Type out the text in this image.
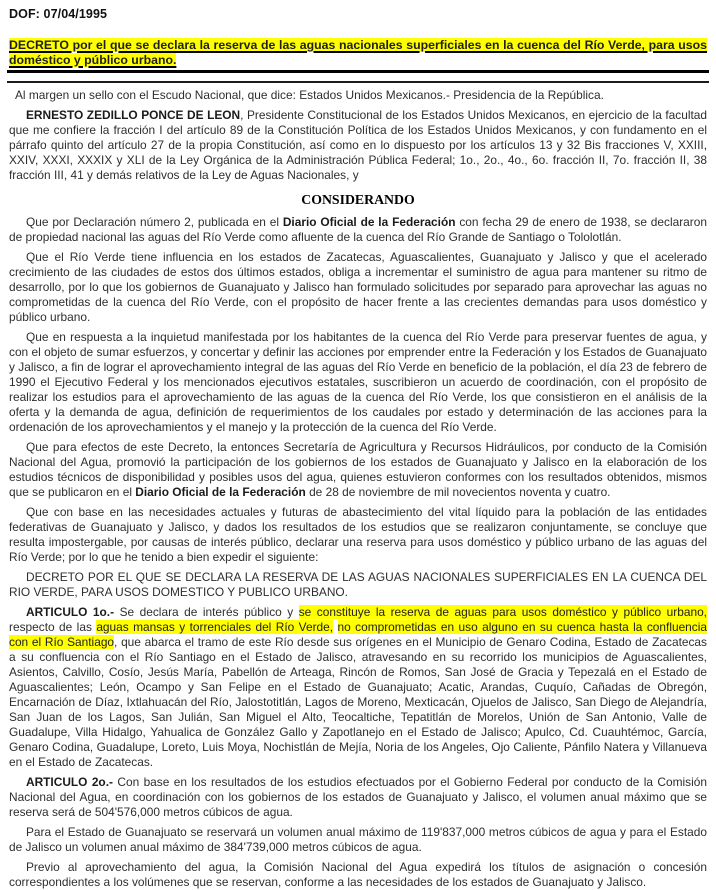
DOF: 07/04/1995
DECRETO por el que se declara la reserva de las aguas nacionales superficiales en la cuenca del Río Verde, para usos doméstico y público urbano.

Al margen un sello con el Escudo Nacional, que dice: Estados Unidos Mexicanos.- Presidencia de la República.

ERNESTO ZEDILLO PONCE DE LEON, Presidente Constitucional de los Estados Unidos Mexicanos, en ejercicio de la facultad que me confiere la fracción I del artículo 89 de la Constitución Política de los Estados Unidos Mexicanos, y con fundamento en el párrafo quinto del artículo 27 de la propia Constitución, así como en lo dispuesto por los artículos 13 y 32 Bis fracciones V, XXIII, XXIV, XXXI, XXXIX y XLI de la Ley Orgánica de la Administración Pública Federal; 1o., 2o., 4o., 6o. fracción II, 7o. fracción II, 38 fracción III, 41 y demás relativos de la Ley de Aguas Nacionales, y

CONSIDERANDO

Que por Declaración número 2, publicada en el Diario Oficial de la Federación con fecha 29 de enero de 1938, se declararon de propiedad nacional las aguas del Río Verde como afluente de la cuenca del Río Grande de Santiago o Tololotlán.

Que el Río Verde tiene influencia en los estados de Zacatecas, Aguascalientes, Guanajuato y Jalisco y que el acelerado crecimiento de las ciudades de estos dos últimos estados, obliga a incrementar el suministro de agua para mantener su ritmo de desarrollo, por lo que los gobiernos de Guanajuato y Jalisco han formulado solicitudes por separado para aprovechar las aguas no comprometidas de la cuenca del Río Verde, con el propósito de hacer frente a las crecientes demandas para usos doméstico y público urbano.

Que en respuesta a la inquietud manifestada por los habitantes de la cuenca del Río Verde para preservar fuentes de agua, y con el objeto de sumar esfuerzos, y concertar y definir las acciones por emprender entre la Federación y los Estados de Guanajuato y Jalisco, a fin de lograr el aprovechamiento integral de las aguas del Río Verde en beneficio de la población, el día 23 de febrero de 1990 el Ejecutivo Federal y los mencionados ejecutivos estatales, suscribieron un acuerdo de coordinación, con el propósito de realizar los estudios para el aprovechamiento de las aguas de la cuenca del Río Verde, los que consistieron en el análisis de la oferta y la demanda de agua, definición de requerimientos de los caudales por estado y determinación de las acciones para la ordenación de los aprovechamientos y el manejo y la protección de la cuenca del Río Verde.

Que para efectos de este Decreto, la entonces Secretaría de Agricultura y Recursos Hidráulicos, por conducto de la Comisión Nacional del Agua, promovió la participación de los gobiernos de los estados de Guanajuato y Jalisco en la elaboración de los estudios técnicos de disponibilidad y posibles usos del agua, quienes estuvieron conformes con los resultados obtenidos, mismos que se publicaron en el Diario Oficial de la Federación de 28 de noviembre de mil novecientos noventa y cuatro.

Que con base en las necesidades actuales y futuras de abastecimiento del vital líquido para la población de las entidades federativas de Guanajuato y Jalisco, y dados los resultados de los estudios que se realizaron conjuntamente, se concluye que resulta impostergable, por causas de interés público, declarar una reserva para usos doméstico y público urbano de las aguas del Río Verde; por lo que he tenido a bien expedir el siguiente:

DECRETO POR EL QUE SE DECLARA LA RESERVA DE LAS AGUAS NACIONALES SUPERFICIALES EN LA CUENCA DEL RIO VERDE, PARA USOS DOMESTICO Y PUBLICO URBANO.

ARTICULO 1o.- Se declara de interés público y se constituye la reserva de aguas para usos doméstico y público urbano, respecto de las aguas mansas y torrenciales del Río Verde, no comprometidas en uso alguno en su cuenca hasta la confluencia con el Río Santiago, que abarca el tramo de este Río desde sus orígenes en el Municipio de Genaro Codina, Estado de Zacatecas a su confluencia con el Río Santiago en el Estado de Jalisco, atravesando en su recorrido los municipios de Aguascalientes, Asientos, Calvillo, Cosío, Jesús María, Pabellón de Arteaga, Rincón de Romos, San José de Gracia y Tepezalá en el Estado de Aguascalientes; León, Ocampo y San Felipe en el Estado de Guanajuato; Acatic, Arandas, Cuquío, Cañadas de Obregón, Encarnación de Díaz, Ixtlahuacán del Río, Jalostotitlán, Lagos de Moreno, Mexticacán, Ojuelos de Jalisco, San Diego de Alejandría, San Juan de los Lagos, San Julián, San Miguel el Alto, Teocaltiche, Tepatitlán de Morelos, Unión de San Antonio, Valle de Guadalupe, Villa Hidalgo, Yahualica de González Gallo y Zapotlanejo en el Estado de Jalisco; Apulco, Cd. Cuauhtémoc, García, Genaro Codina, Guadalupe, Loreto, Luis Moya, Nochistlán de Mejía, Noria de los Angeles, Ojo Caliente, Pánfilo Natera y Villanueva en el Estado de Zacatecas.

ARTICULO 2o.- Con base en los resultados de los estudios efectuados por el Gobierno Federal por conducto de la Comisión Nacional del Agua, en coordinación con los gobiernos de los estados de Guanajuato y Jalisco, el volumen anual máximo que se reserva será de 504'576,000 metros cúbicos de agua.

Para el Estado de Guanajuato se reservará un volumen anual máximo de 119'837,000 metros cúbicos de agua y para el Estado de Jalisco un volumen anual máximo de 384'739,000 metros cúbicos de agua.

Previo al aprovechamiento del agua, la Comisión Nacional del Agua expedirá los títulos de asignación o concesión correspondientes a los volúmenes que se reservan, conforme a las necesidades de los estados de Guanajuato y Jalisco.
